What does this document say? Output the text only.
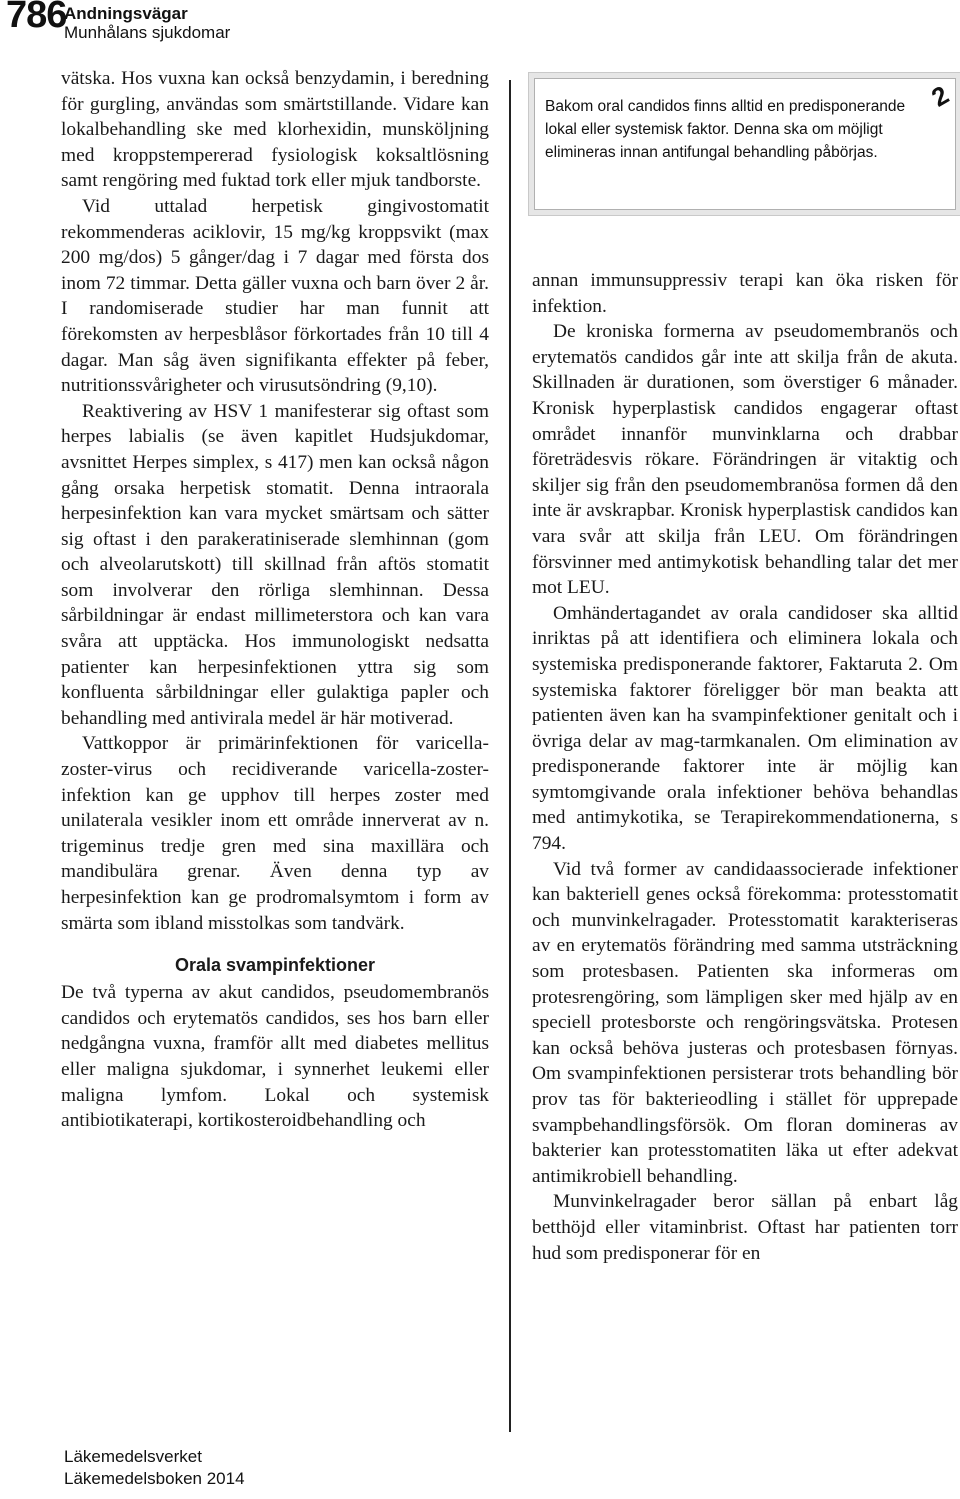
786
Andningsvägar
Munhålans sjukdomar

vätska. Hos vuxna kan också benzydamin, i beredning för gurgling, användas som smärtstillande. Vidare kan lokalbehandling ske med klorhexidin, munsköljning med kroppstempererad fysiologisk koksaltlösning samt rengöring med fuktad tork eller mjuk tandborste.

Vid uttalad herpetisk gingivostomatit rekommenderas aciklovir, 15 mg/kg kroppsvikt (max 200 mg/dos) 5 gånger/dag i 7 dagar med första dos inom 72 timmar. Detta gäller vuxna och barn över 2 år. I randomiserade studier har man funnit att förekomsten av herpesblåsor förkortades från 10 till 4 dagar. Man såg även signifikanta effekter på feber, nutritionssvårigheter och virusutsöndring (9,10).

Reaktivering av HSV 1 manifesterar sig oftast som herpes labialis (se även kapitlet Hudsjukdomar, avsnittet Herpes simplex, s 417) men kan också någon gång orsaka herpetisk stomatit. Denna intraorala herpesinfektion kan vara mycket smärtsam och sätter sig oftast i den parakeratiniserade slemhinnan (gom och alveolarutskott) till skillnad från aftös stomatit som involverar den rörliga slemhinnan. Dessa sårbildningar är endast millimeterstora och kan vara svåra att upptäcka. Hos immunologiskt nedsatta patienter kan herpesinfektionen yttra sig som konfluenta sårbildningar eller gulaktiga papler och behandling med antivirala medel är här motiverad.

Vattkoppor är primärinfektionen för varicella-zoster-virus och recidiverande varicella-zoster-infektion kan ge upphov till herpes zoster med unilaterala vesikler inom ett område innerverat av n. trigeminus tredje gren med sina maxillära och mandibulära grenar. Även denna typ av herpesinfektion kan ge prodromalsymtom i form av smärta som ibland misstolkas som tandvärk.

Orala svampinfektioner

De två typerna av akut candidos, pseudomembranös candidos och erytematös candidos, ses hos barn eller nedgångna vuxna, framför allt med diabetes mellitus eller maligna sjukdomar, i synnerhet leukemi eller maligna lymfom. Lokal och systemisk antibiotikaterapi, kortikosteroidbehandling och

Bakom oral candidos finns alltid en predisponerande lokal eller systemisk faktor. Denna ska om möjligt elimineras innan antifungal behandling påbörjas.
2

annan immunsuppressiv terapi kan öka risken för infektion.

De kroniska formerna av pseudomembranös och erytematös candidos går inte att skilja från de akuta. Skillnaden är durationen, som överstiger 6 månader. Kronisk hyperplastisk candidos engagerar oftast området innanför munvinklarna och drabbar företrädesvis rökare. Förändringen är vitaktig och skiljer sig från den pseudomembranösa formen då den inte är avskrapbar. Kronisk hyperplastisk candidos kan vara svår att skilja från LEU. Om förändringen försvinner med antimykotisk behandling talar det mer mot LEU.

Omhändertagandet av orala candidoser ska alltid inriktas på att identifiera och eliminera lokala och systemiska predisponerande faktorer, Faktaruta 2. Om systemiska faktorer föreligger bör man beakta att patienten även kan ha svampinfektioner genitalt och i övriga delar av mag-tarmkanalen. Om elimination av predisponerande faktorer inte är möjlig kan symtomgivande orala infektioner behöva behandlas med antimykotika, se Terapirekommendationerna, s 794.

Vid två former av candidaassocierade infektioner kan bakteriell genes också förekomma: protesstomatit och munvinkelragader. Protesstomatit karakteriseras av en erytematös förändring med samma utsträckning som protesbasen. Patienten ska informeras om protesrengöring, som lämpligen sker med hjälp av en speciell protesborste och rengöringsvätska. Protesen kan också behöva justeras och protesbasen förnyas. Om svampinfektionen persisterar trots behandling bör prov tas för bakterieodling i stället för upprepade svampbehandlingsförsök. Om floran domineras av bakterier kan protesstomatiten läka ut efter adekvat antimikrobiell behandling.

Munvinkelragader beror sällan på enbart låg betthöjd eller vitaminbrist. Oftast har patienten torr hud som predisponerar för en

Läkemedelsverket
Läkemedelsboken 2014
